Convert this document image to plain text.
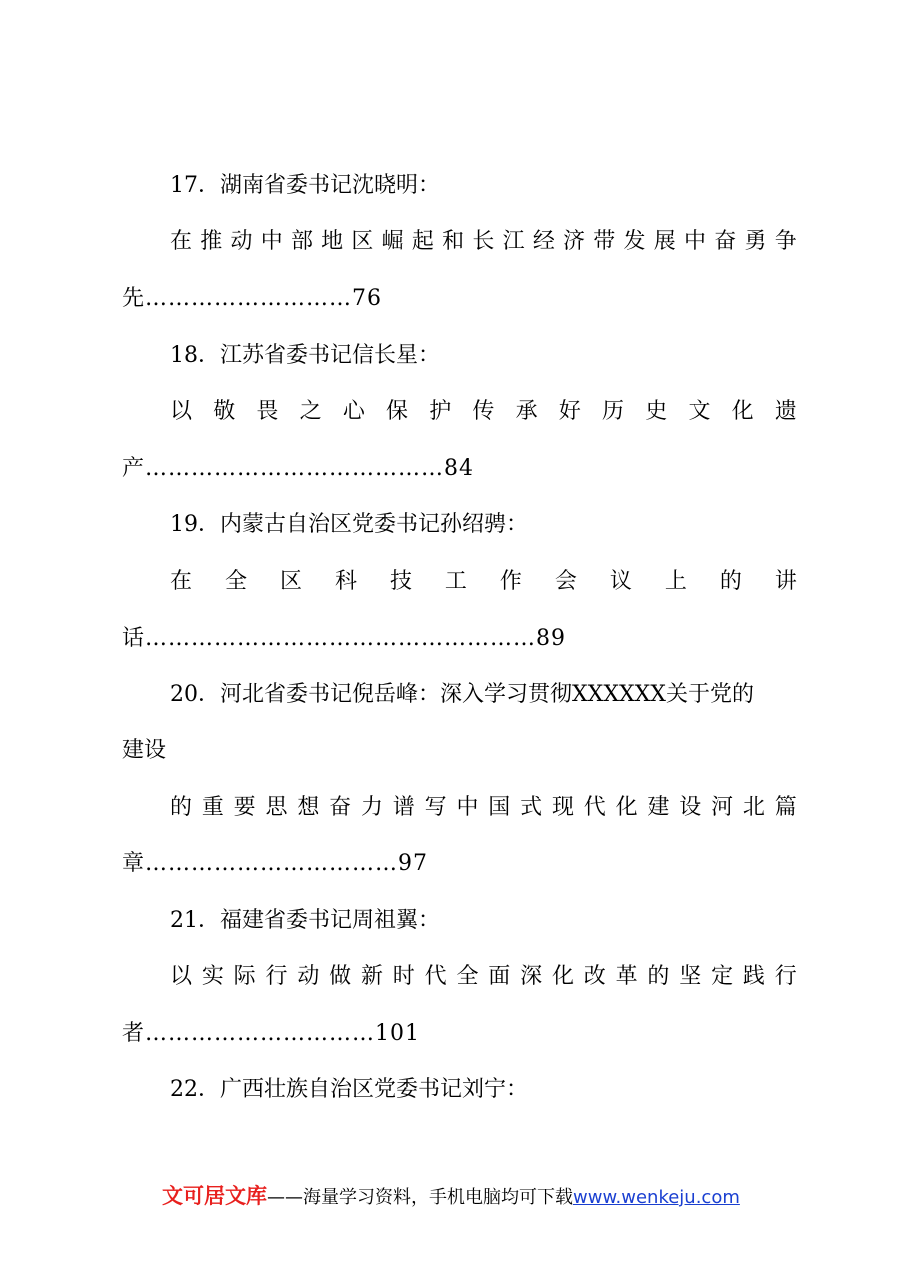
17．湖南省委书记沈晓明：
在 推 动 中 部 地 区 崛 起 和 长 江 经 济 带 发 展 中 奋 勇 争
先………………………76
18．江苏省委书记信长星：
以 敬 畏 之 心 保 护 传 承 好 历 史 文 化 遗
产…………………………………84
19．内蒙古自治区党委书记孙绍骋：
在 全 区 科 技 工 作 会 议 上 的 讲
话……………………………………………89
20．河北省委书记倪岳峰：深入学习贯彻XXXXXX关于党的
建设
的 重 要 思 想 奋 力 谱 写 中 国 式 现 代 化 建 设 河 北 篇
章……………………………97
21．福建省委书记周祖翼：
以 实 际 行 动 做 新 时 代 全 面 深 化 改 革 的 坚 定 践 行
者…………………………101
22．广西壮族自治区党委书记刘宁：
文可居文库——海量学习资料，手机电脑均可下载www.wenkeju.com
